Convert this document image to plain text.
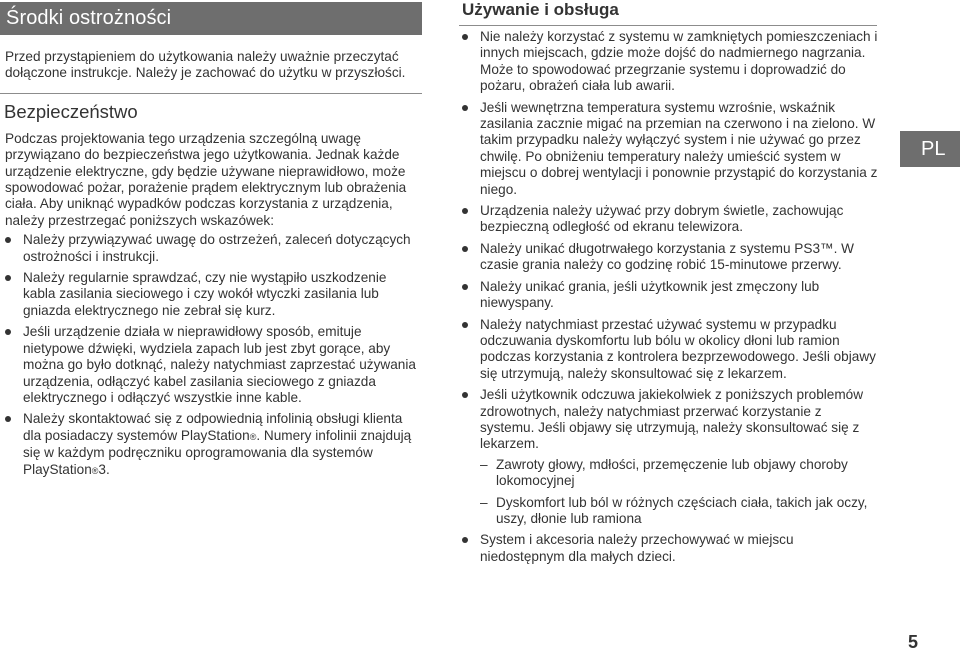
Środki ostrożności

Przed przystąpieniem do użytkowania należy uważnie przeczytać dołączone instrukcje. Należy je zachować do użytku w przyszłości.

Bezpieczeństwo

Podczas projektowania tego urządzenia szczególną uwagę przywiązano do bezpieczeństwa jego użytkowania. Jednak każde urządzenie elektryczne, gdy będzie używane nieprawidłowo, może spowodować pożar, porażenie prądem elektrycznym lub obrażenia ciała. Aby uniknąć wypadków podczas korzystania z urządzenia, należy przestrzegać poniższych wskazówek:

Należy przywiązywać uwagę do ostrzeżeń, zaleceń dotyczących ostrożności i instrukcji.
Należy regularnie sprawdzać, czy nie wystąpiło uszkodzenie kabla zasilania sieciowego i czy wokół wtyczki zasilania lub gniazda elektrycznego nie zebrał się kurz.
Jeśli urządzenie działa w nieprawidłowy sposób, emituje nietypowe dźwięki, wydziela zapach lub jest zbyt gorące, aby można go było dotknąć, należy natychmiast zaprzestać używania urządzenia, odłączyć kabel zasilania sieciowego z gniazda elektrycznego i odłączyć wszystkie inne kable.
Należy skontaktować się z odpowiednią infolinią obsługi klienta dla posiadaczy systemów PlayStation®. Numery infolinii znajdują się w każdym podręczniku oprogramowania dla systemów PlayStation®3.
Używanie i obsługa
Nie należy korzystać z systemu w zamkniętych pomieszczeniach i innych miejscach, gdzie może dojść do nadmiernego nagrzania. Może to spowodować przegrzanie systemu i doprowadzić do pożaru, obrażeń ciała lub awarii.
Jeśli wewnętrzna temperatura systemu wzrośnie, wskaźnik zasilania zacznie migać na przemian na czerwono i na zielono. W takim przypadku należy wyłączyć system i nie używać go przez chwilę. Po obniżeniu temperatury należy umieścić system w miejscu o dobrej wentylacji i ponownie przystąpić do korzystania z niego.
Urządzenia należy używać przy dobrym świetle, zachowując bezpieczną odległość od ekranu telewizora.
Należy unikać długotrwałego korzystania z systemu PS3™. W czasie grania należy co godzinę robić 15-minutowe przerwy.
Należy unikać grania, jeśli użytkownik jest zmęczony lub niewyspany.
Należy natychmiast przestać używać systemu w przypadku odczuwania dyskomfortu lub bólu w okolicy dłoni lub ramion podczas korzystania z kontrolera bezprzewodowego. Jeśli objawy się utrzymują, należy skonsultować się z lekarzem.
Jeśli użytkownik odczuwa jakiekolwiek z poniższych problemów zdrowotnych, należy natychmiast przerwać korzystanie z systemu. Jeśli objawy się utrzymują, należy skonsultować się z lekarzem.
– Zawroty głowy, mdłości, przemęczenie lub objawy choroby lokomocyjnej
– Dyskomfort lub ból w różnych częściach ciała, takich jak oczy, uszy, dłonie lub ramiona
System i akcesoria należy przechowywać w miejscu niedostępnym dla małych dzieci.
PL
5
